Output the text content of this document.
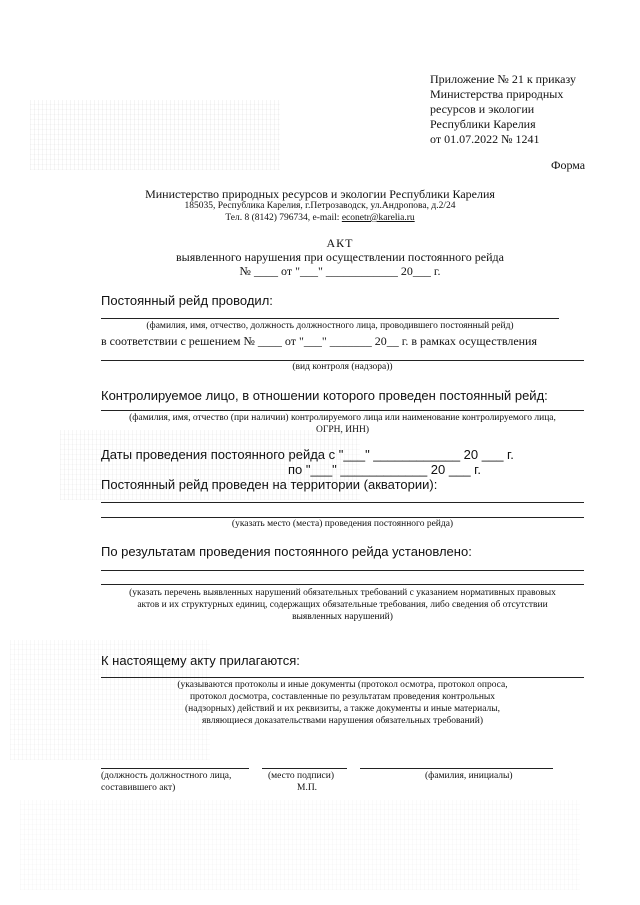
Приложение № 21 к приказу
Министерства природных
ресурсов и экологии
Республики Карелия
от 01.07.2022 № 1241
Форма
Министерство природных ресурсов и экологии Республики Карелия
185035, Республика Карелия, г.Петрозаводск, ул.Андропова, д.2/24
Тел. 8 (8142) 796734, e-mail: econetr@karelia.ru
АКТ
выявленного нарушения при осуществлении постоянного рейда
№ ____ от "___" ____________ 20___ г.
Постоянный рейд проводил:
(фамилия, имя, отчество, должность должностного лица, проводившего постоянный рейд)
в соответствии с решением № ____ от "___" _______ 20__ г. в рамках осуществления
(вид контроля (надзора))
Контролируемое лицо, в отношении которого проведен постоянный рейд:
(фамилия, имя, отчество (при наличии) контролируемого лица или наименование контролируемого лица,
ОГРН, ИНН)
Даты проведения постоянного рейда с "___" ____________ 20 ___ г.
по "___" ____________ 20 ___ г.
Постоянный рейд проведен на территории (акватории):
(указать место (места) проведения постоянного рейда)
По результатам проведения постоянного рейда установлено:
(указать перечень выявленных нарушений обязательных требований с указанием нормативных правовых
актов и их структурных единиц, содержащих обязательные требования, либо сведения об отсутствии
выявленных нарушений)
К настоящему акту прилагаются:
(указываются протоколы и иные документы (протокол осмотра, протокол опроса,
протокол досмотра, составленные по результатам проведения контрольных
(надзорных) действий и их реквизиты, а также документы и иные материалы,
являющиеся доказательствами нарушения обязательных требований)
(должность должностного лица,
составившего акт)
(место подписи)
М.П.
(фамилия, инициалы)
